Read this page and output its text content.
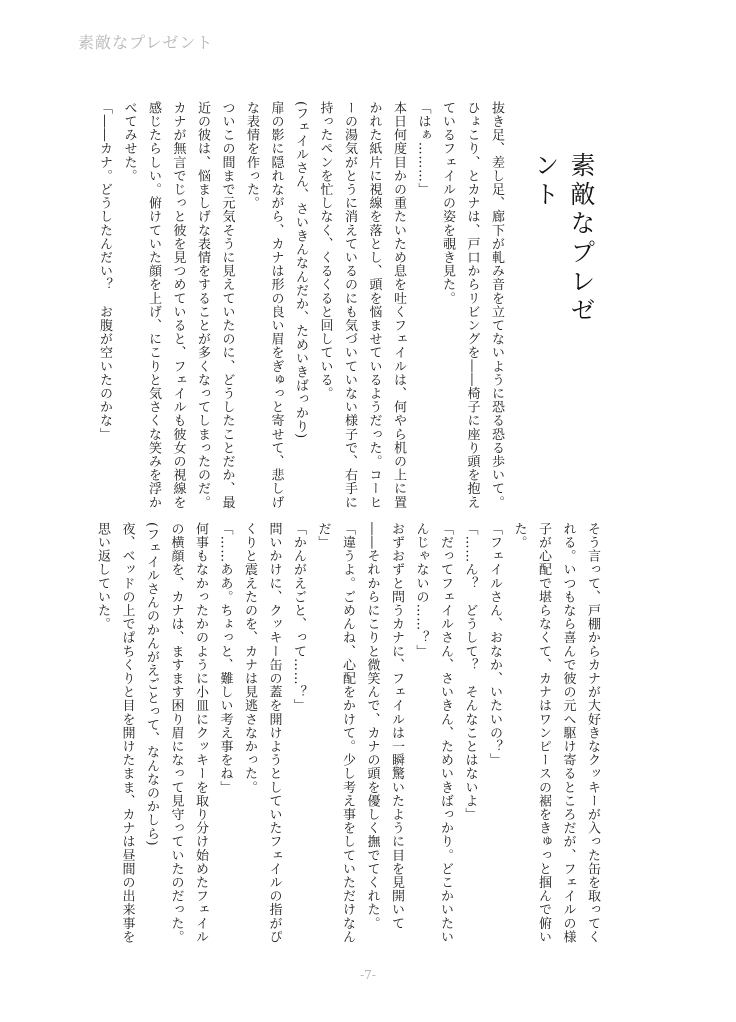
素敵なプレゼント
素敵なプレゼント

抜き足、差し足、廊下が軋み音を立てないように恐る恐る歩いて。

ひょこり、とカナは、戸口からリビングを――椅子に座り頭を抱えているフェイルの姿を覗き見た。

「はぁ………」

本日何度目かの重たいため息を吐くフェイルは、何やら机の上に置かれた紙片に視線を落とし、頭を悩ませているようだった。コーヒーの湯気がとうに消えているのにも気づいていない様子で、右手に持ったペンを忙しなく、くるくると回している。

(フェイルさん、さいきんなんだか、ためいきばっかり)

扉の影に隠れながら、カナは形の良い眉をぎゅっと寄せて、悲しげな表情を作った。

ついこの間まで元気そうに見えていたのに、どうしたことだか、最近の彼は、悩ましげな表情をすることが多くなってしまったのだ。

カナが無言でじっと彼を見つめていると、フェイルも彼女の視線を感じたらしい。俯けていた顔を上げ、にこりと気さくな笑みを浮かべてみせた。

「――カナ。どうしたんだい？　お腹が空いたのかな」

そう言って、戸棚からカナが大好きなクッキーが入った缶を取ってくれる。いつもなら喜んで彼の元へ駆け寄るところだが、フェイルの様子が心配で堪らなくて、カナはワンピースの裾をきゅっと掴んで俯いた。

「フェイルさん、おなか、いたいの？」

「……ん？　どうして？　そんなことはないよ」

「だってフェイルさん、さいきん、ためいきばっかり。どこかいたいんじゃないの……？」

おずおずと問うカナに、フェイルは一瞬驚いたように目を見開いて――それからにこりと微笑んで、カナの頭を優しく撫でてくれた。

「違うよ。ごめんね、心配をかけて。少し考え事をしていただけなんだ」

「かんがえごと、って……？」

問いかけに、クッキー缶の蓋を開けようとしていたフェイルの指がぴくりと震えたのを、カナは見逃さなかった。

「……ああ。ちょっと、難しい考え事をね」

何事もなかったかのように小皿にクッキーを取り分け始めたフェイルの横顔を、カナは、ますます困り眉になって見守っていたのだった。

(フェイルさんのかんがえごとって、なんなのかしら)

夜、ベッドの上でぱちくりと目を開けたまま、カナは昼間の出来事を思い返していた。

-7-
